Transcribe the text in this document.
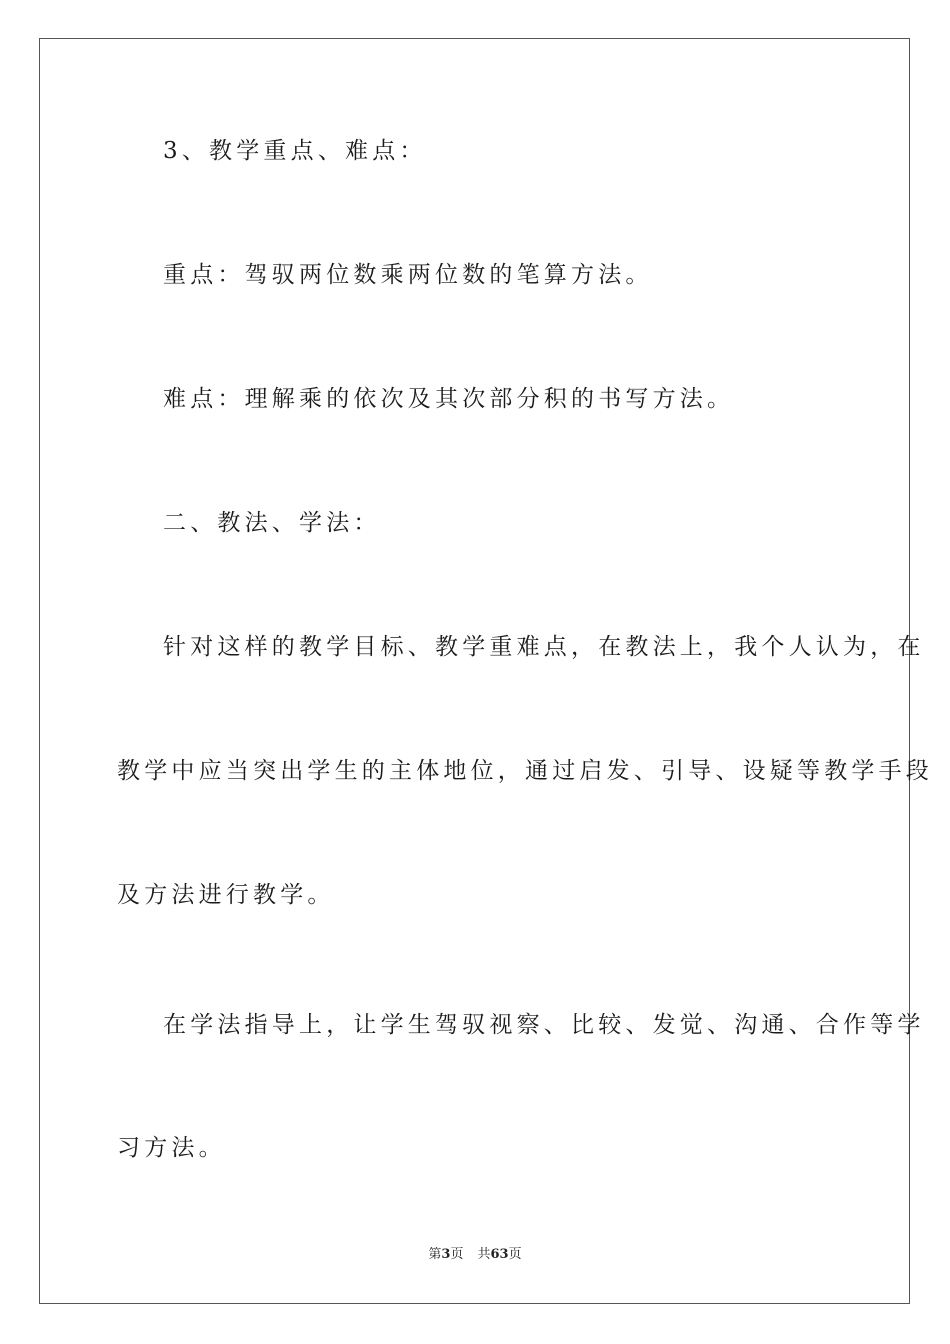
3、教学重点、难点：
重点：驾驭两位数乘两位数的笔算方法。
难点：理解乘的依次及其次部分积的书写方法。
二、教法、学法：
针对这样的教学目标、教学重难点，在教法上，我个人认为，在
教学中应当突出学生的主体地位，通过启发、引导、设疑等教学手段
及方法进行教学。
在学法指导上，让学生驾驭视察、比较、发觉、沟通、合作等学
习方法。
第3页 共63页
